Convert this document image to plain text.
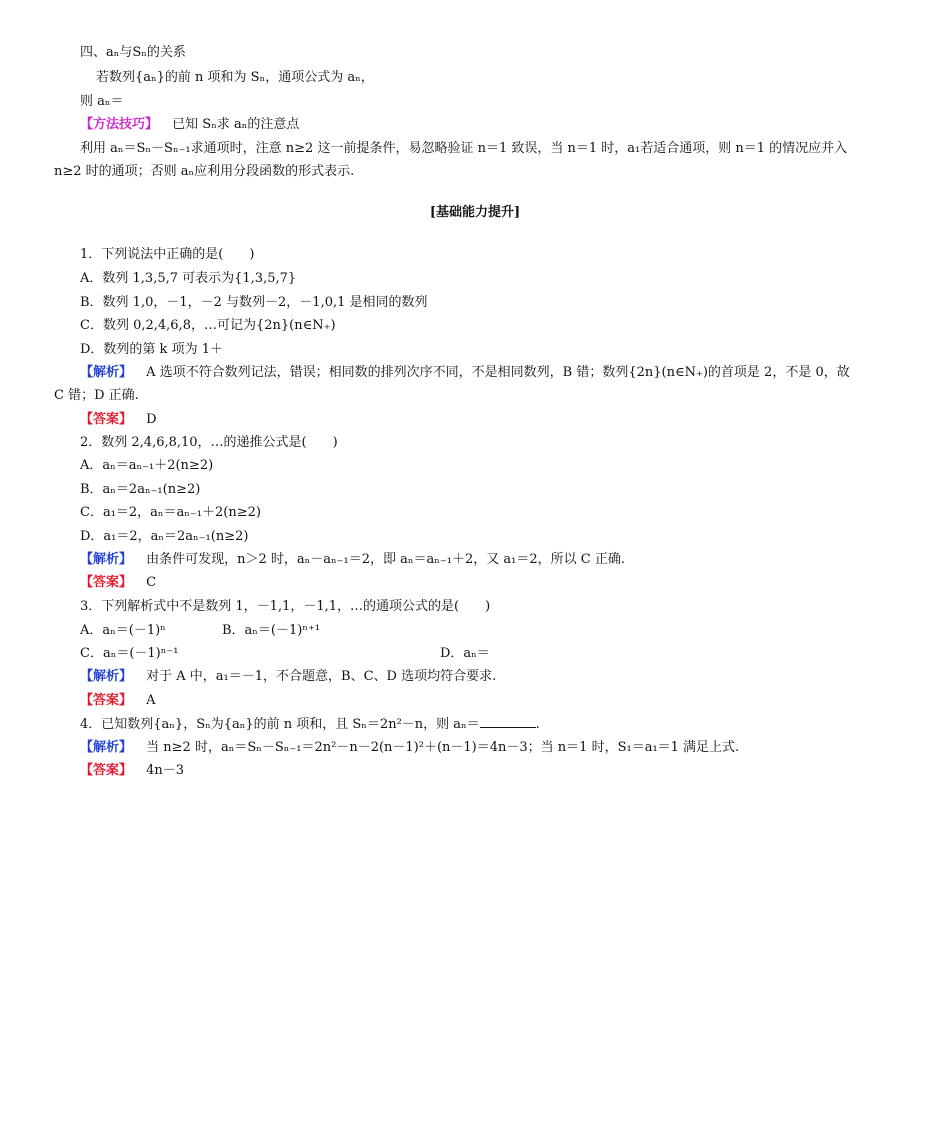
四、aₙ与Sₙ的关系
若数列{aₙ}的前 n 项和为 Sₙ，通项公式为 aₙ，
则 aₙ＝
【方法技巧】 已知 Sₙ求 aₙ的注意点
利用 aₙ＝Sₙ－Sₙ₋₁求通项时，注意 n≥2 这一前提条件，易忽略验证 n＝1 致误，当 n＝1 时，a₁若适合通项，则 n＝1 的情况应并入
n≥2 时的通项；否则 aₙ应利用分段函数的形式表示.
[基础能力提升]
1．下列说法中正确的是(　　)
A．数列 1,3,5,7 可表示为{1,3,5,7}
B．数列 1,0，－1，－2 与数列－2，－1,0,1 是相同的数列
C．数列 0,2,4,6,8，…可记为{2n}(n∈N₊)
D．数列的第 k 项为 1＋
【解析】 A 选项不符合数列记法，错误；相同数的排列次序不同，不是相同数列，B 错；数列{2n}(n∈N₊)的首项是 2，不是 0，故
C 错；D 正确.
【答案】 D
2．数列 2,4,6,8,10，…的递推公式是(　　)
A．aₙ＝aₙ₋₁＋2(n≥2)
B．aₙ＝2aₙ₋₁(n≥2)
C．a₁＝2，aₙ＝aₙ₋₁＋2(n≥2)
D．a₁＝2，aₙ＝2aₙ₋₁(n≥2)
【解析】 由条件可发现，n＞2 时，aₙ－aₙ₋₁＝2，即 aₙ＝aₙ₋₁＋2，又 a₁＝2，所以 C 正确.
【答案】 C
3．下列解析式中不是数列 1，－1,1，－1,1，…的通项公式的是(　　)
A．aₙ＝(－1)ⁿ	B．aₙ＝(－1)ⁿ⁺¹
C．aₙ＝(－1)ⁿ⁻¹	D．aₙ＝
【解析】 对于 A 中，a₁＝－1，不合题意，B、C、D 选项均符合要求.
【答案】 A
4．已知数列{aₙ}，Sₙ为{aₙ}的前 n 项和，且 Sₙ＝2n²－n，则 aₙ＝	.
【解析】 当 n≥2 时，aₙ＝Sₙ－Sₙ₋₁＝2n²－n－2(n－1)²＋(n－1)＝4n－3；当 n＝1 时，S₁＝a₁＝1 满足上式.
【答案】 4n－3
